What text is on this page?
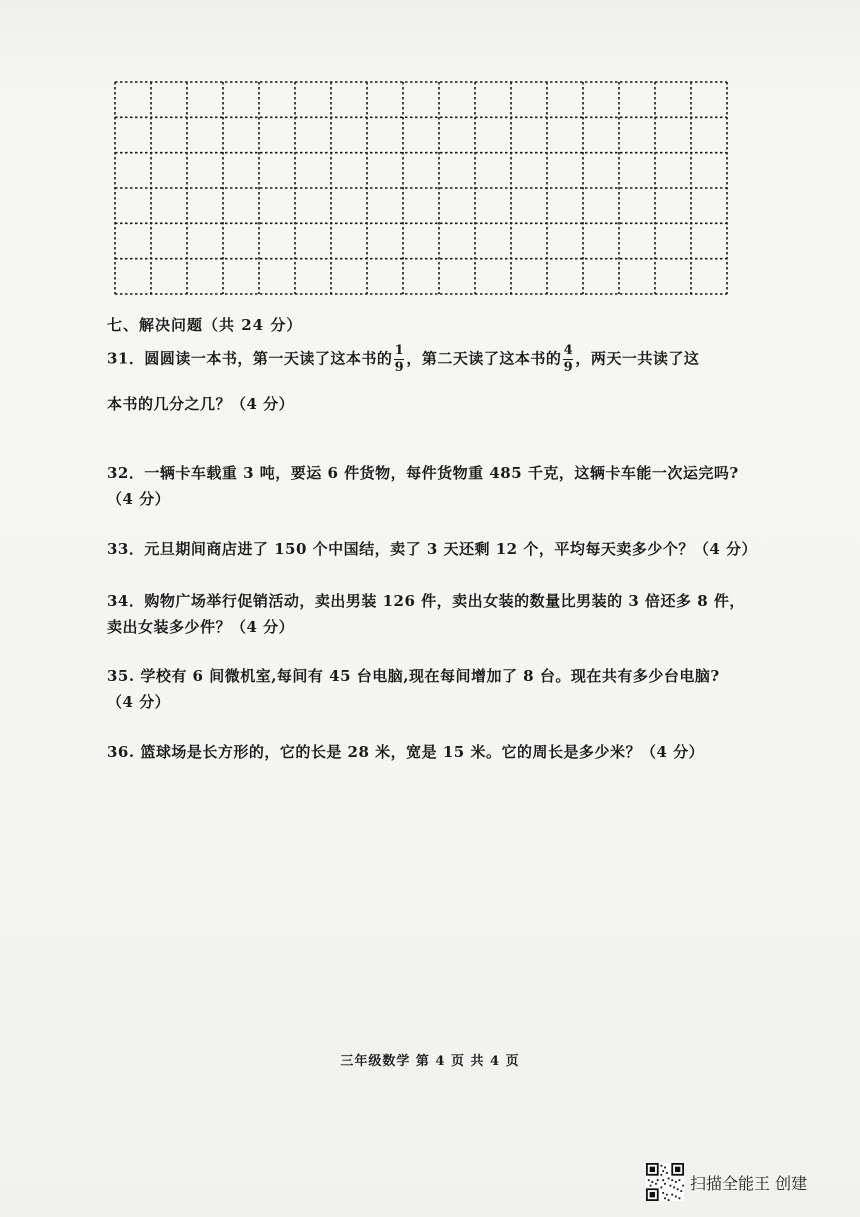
七、解决问题（共 24 分）
31．圆圆读一本书，第一天读了这本书的 $\frac{1}{9}$ ，第二天读了这本书的 $\frac{4}{9}$ ，两天一共读了这
本书的几分之几？（4 分）
32．一辆卡车载重 3 吨，要运 6 件货物，每件货物重 485 千克，这辆卡车能一次运完吗?
（4 分）
33．元旦期间商店进了 150 个中国结，卖了 3 天还剩 12 个，平均每天卖多少个？（4 分）
34．购物广场举行促销活动，卖出男装 126 件，卖出女装的数量比男装的 3 倍还多 8 件，
卖出女装多少件？（4 分）
35. 学校有 6 间微机室,每间有 45 台电脑,现在每间增加了 8 台。现在共有多少台电脑?
（4 分）
36. 篮球场是长方形的，它的长是 28 米，宽是 15 米。它的周长是多少米？（4 分）
三年级数学 第 4 页 共 4 页
扫描全能王 创建
